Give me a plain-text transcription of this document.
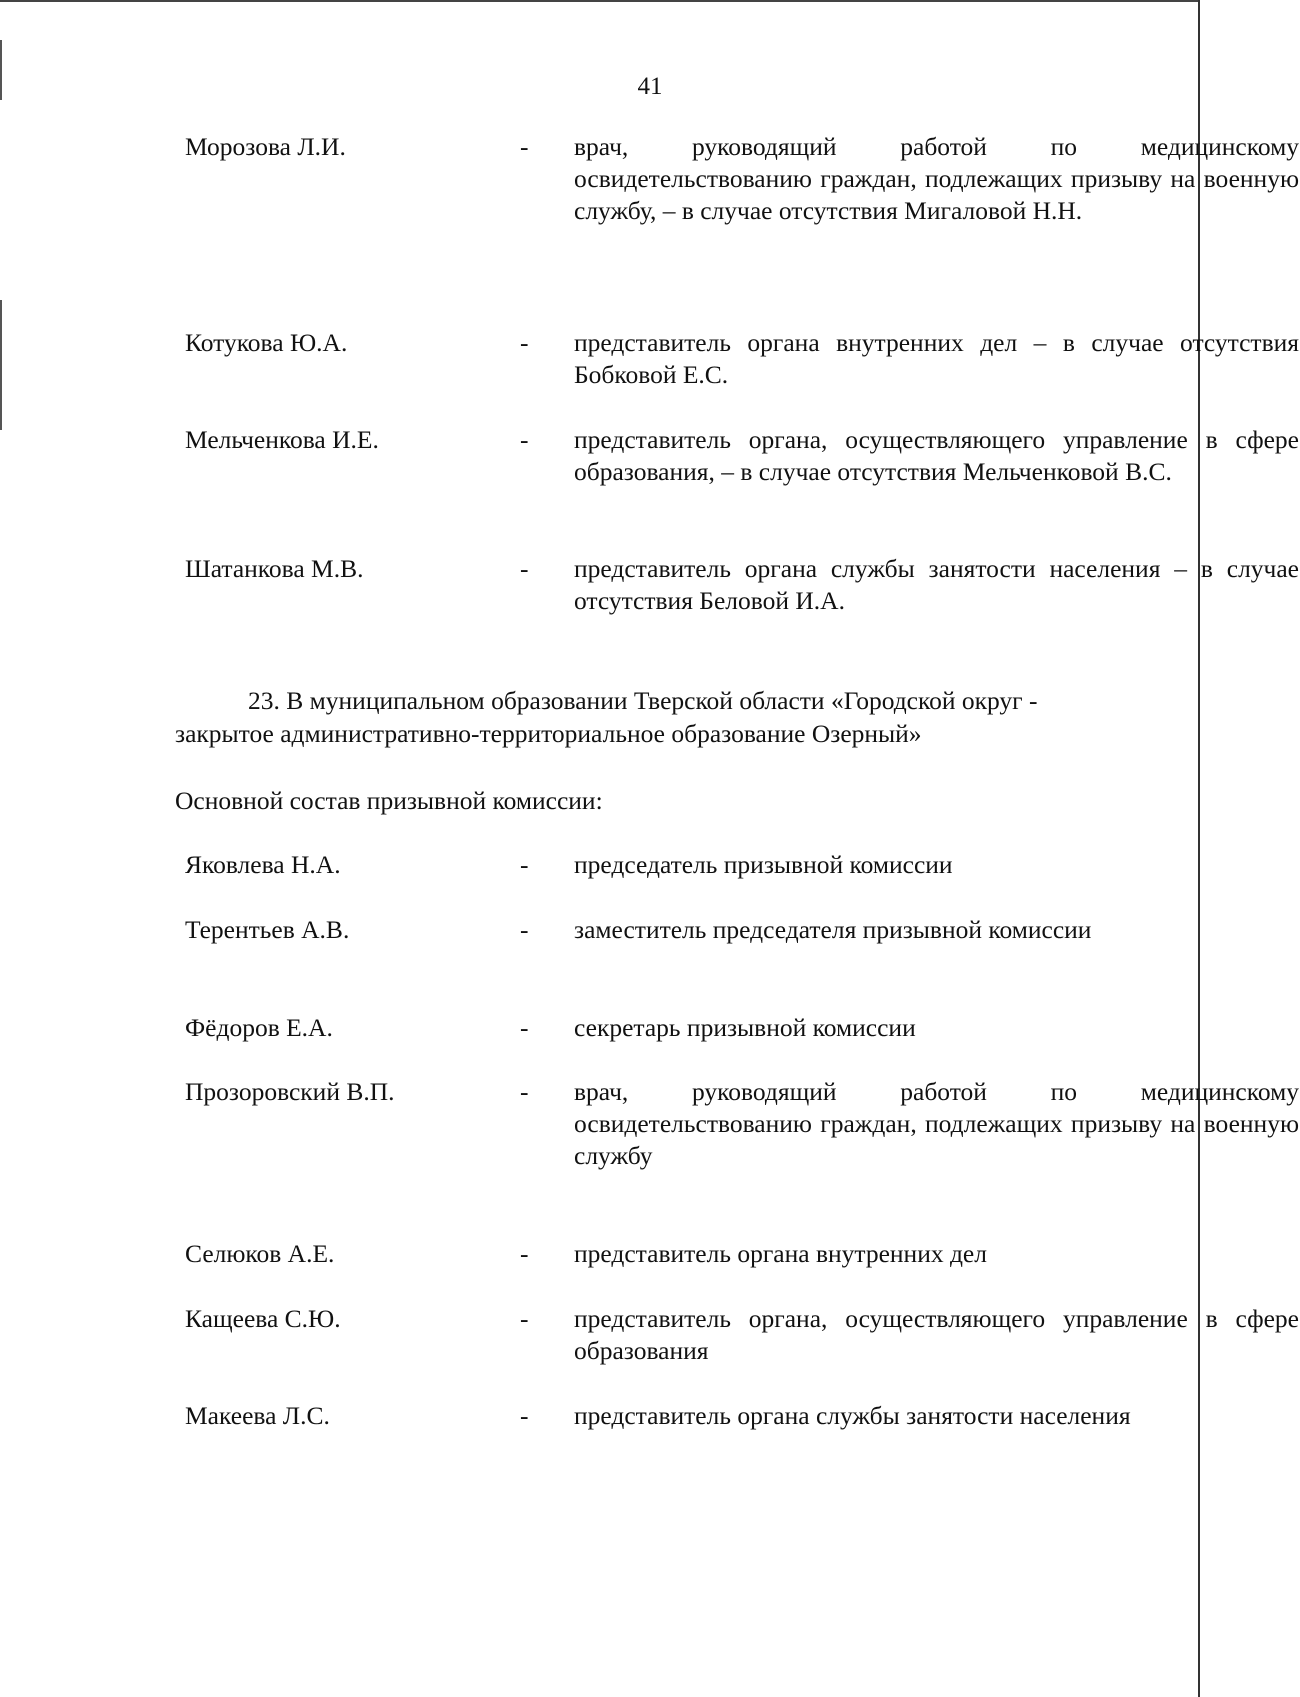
41
Морозова Л.И.	-	врач, руководящий работой по медицинскому освидетельствованию граждан, подлежащих призыву на военную службу, – в случае отсутствия Мигаловой Н.Н.
Котукова Ю.А.	-	представитель органа внутренних дел – в случае отсутствия Бобковой Е.С.
Мельченкова И.Е.	-	представитель органа, осуществляющего управление в сфере образования, – в случае отсутствия Мельченковой В.С.
Шатанкова М.В.	-	представитель органа службы занятости населения – в случае отсутствия Беловой И.А.
23. В муниципальном образовании Тверской области «Городской округ - закрытое административно-территориальное образование Озерный»
Основной состав призывной комиссии:
Яковлева Н.А.	-	председатель призывной комиссии
Терентьев А.В.	-	заместитель председателя призывной комиссии
Фёдоров Е.А.	-	секретарь призывной комиссии
Прозоровский В.П.	-	врач, руководящий работой по медицинскому освидетельствованию граждан, подлежащих призыву на военную службу
Селюков А.Е.	-	представитель органа внутренних дел
Кащеева С.Ю.	-	представитель органа, осуществляющего управление в сфере образования
Макеева Л.С.	-	представитель органа службы занятости населения
